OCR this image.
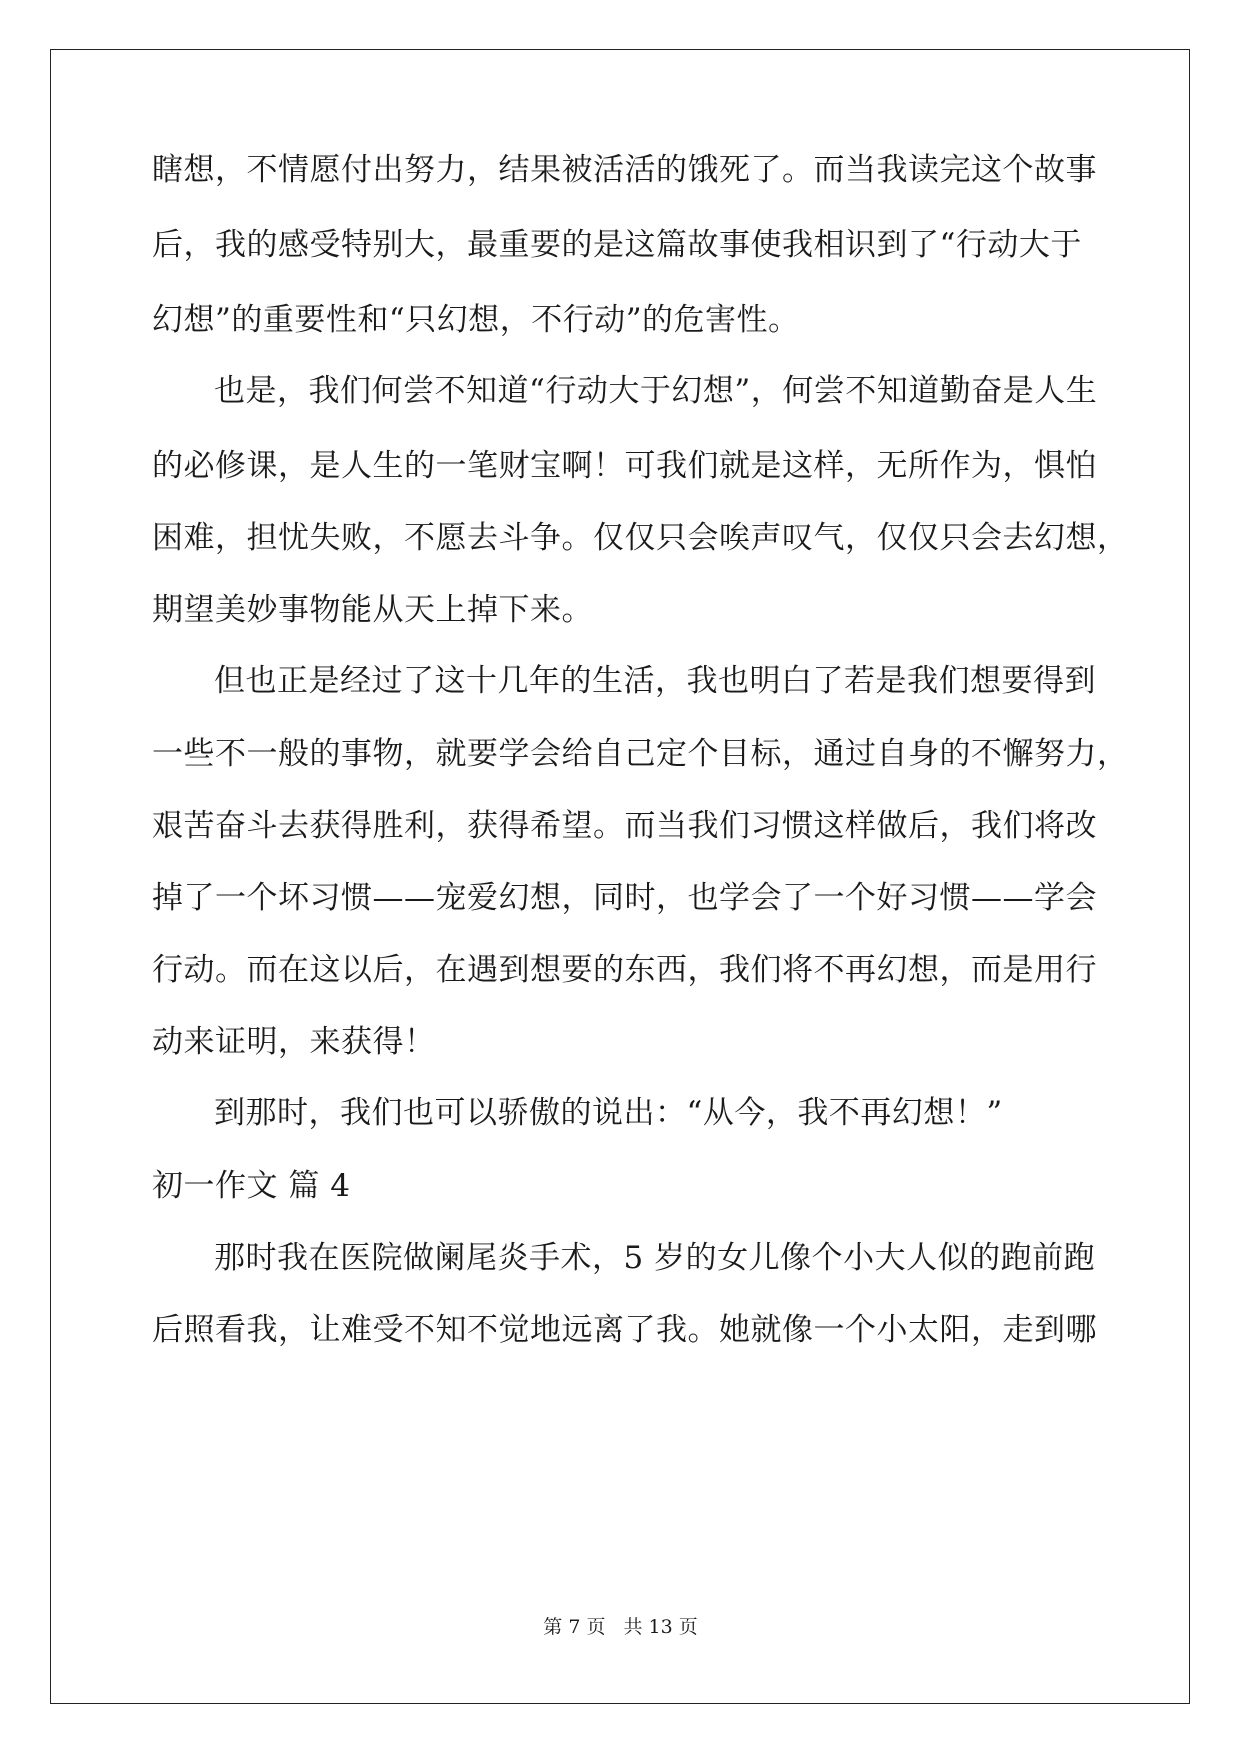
瞎想，不情愿付出努力，结果被活活的饿死了。而当我读完这个故事
后，我的感受特别大，最重要的是这篇故事使我相识到了“行动大于
幻想”的重要性和“只幻想，不行动”的危害性。
也是，我们何尝不知道“行动大于幻想”，何尝不知道勤奋是人生
的必修课，是人生的一笔财宝啊！可我们就是这样，无所作为，惧怕
困难，担忧失败，不愿去斗争。仅仅只会唉声叹气，仅仅只会去幻想，
期望美妙事物能从天上掉下来。
但也正是经过了这十几年的生活，我也明白了若是我们想要得到
一些不一般的事物，就要学会给自己定个目标，通过自身的不懈努力，
艰苦奋斗去获得胜利，获得希望。而当我们习惯这样做后，我们将改
掉了一个坏习惯——宠爱幻想，同时，也学会了一个好习惯——学会
行动。而在这以后，在遇到想要的东西，我们将不再幻想，而是用行
动来证明，来获得！
到那时，我们也可以骄傲的说出：“从今，我不再幻想！”
初一作文 篇 4
那时我在医院做阑尾炎手术，5 岁的女儿像个小大人似的跑前跑
后照看我，让难受不知不觉地远离了我。她就像一个小太阳，走到哪
第 7 页 共 13 页
